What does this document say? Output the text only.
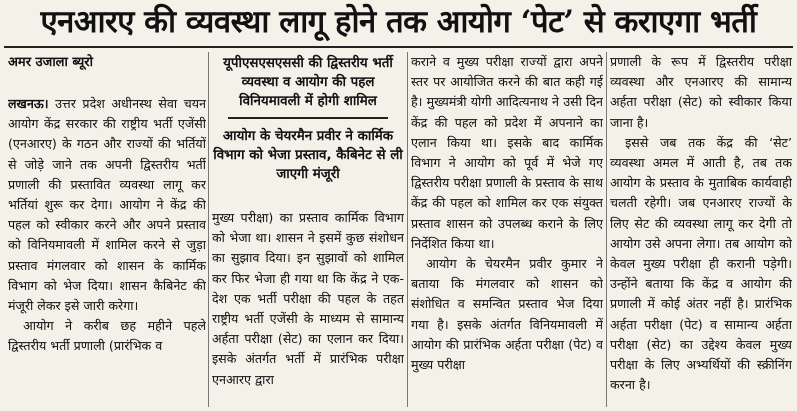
एनआरए की व्यवस्था लागू होने तक आयोग ‘पेट’ से कराएगा भर्ती
अमर उजाला ब्यूरो

लखनऊ। उत्तर प्रदेश अधीनस्थ सेवा चयन आयोग केंद्र सरकार की राष्ट्रीय भर्ती एजेंसी (एनआरए) के गठन और राज्यों की भर्तियों से जोड़े जाने तक अपनी द्विस्तरीय भर्ती प्रणाली की प्रस्तावित व्यवस्था लागू कर भर्तियां शुरू कर देगा। आयोग ने केंद्र की पहल को स्वीकार करने और अपने प्रस्ताव को विनियमावली में शामिल करने से जुड़ा प्रस्ताव मंगलवार को शासन के कार्मिक विभाग को भेज दिया। शासन कैबिनेट की मंजूरी लेकर इसे जारी करेगा।

आयोग ने करीब छह महीने पहले द्विस्तरीय भर्ती प्रणाली (प्रारंभिक व

यूपीएसएसएससी की द्विस्तरीय भर्ती व्यवस्था व आयोग की पहल विनियमावली में होगी शामिल
आयोग के चेयरमैन प्रवीर ने कार्मिक विभाग को भेजा प्रस्ताव, कैबिनेट से ली जाएगी मंजूरी

मुख्य परीक्षा) का प्रस्ताव कार्मिक विभाग को भेजा था। शासन ने इसमें कुछ संशोधन का सुझाव दिया। इन सुझावों को शामिल कर फिर भेजा ही गया था कि केंद्र ने एक-देश एक भर्ती परीक्षा की पहल के तहत राष्ट्रीय भर्ती एजेंसी के माध्यम से सामान्य अर्हता परीक्षा (सेट) का एलान कर दिया। इसके अंतर्गत भर्ती में प्रारंभिक परीक्षा एनआरए द्वारा

कराने व मुख्य परीक्षा राज्यों द्वारा अपने स्तर पर आयोजित करने की बात कही गई है। मुख्यमंत्री योगी आदित्यनाथ ने उसी दिन केंद्र की पहल को प्रदेश में अपनाने का एलान किया था। इसके बाद कार्मिक विभाग ने आयोग को पूर्व में भेजे गए द्विस्तरीय परीक्षा प्रणाली के प्रस्ताव के साथ केंद्र की पहल को शामिल कर एक संयुक्त प्रस्ताव शासन को उपलब्ध कराने के लिए निर्देशित किया था।

आयोग के चेयरमैन प्रवीर कुमार ने बताया कि मंगलवार को शासन को संशोधित व समन्वित प्रस्ताव भेज दिया गया है। इसके अंतर्गत विनियमावली में आयोग की प्रारंभिक अर्हता परीक्षा (पेट) व मुख्य परीक्षा

प्रणाली के रूप में द्विस्तरीय परीक्षा व्यवस्था और एनआरए की सामान्य अर्हता परीक्षा (सेट) को स्वीकार किया जाना है।

इससे जब तक केंद्र की ‘सेट’ व्यवस्था अमल में आती है, तब तक आयोग के प्रस्ताव के मुताबिक कार्यवाही चलती रहेगी। जब एनआरए राज्यों के लिए सेट की व्यवस्था लागू कर देगी तो आयोग उसे अपना लेगा। तब आयोग को केवल मुख्य परीक्षा ही करानी पड़ेगी। उन्होंने बताया कि केंद्र व आयोग की प्रणाली में कोई अंतर नहीं है। प्रारंभिक अर्हता परीक्षा (पेट) व सामान्य अर्हता परीक्षा (सेट) का उद्देश्य केवल मुख्य परीक्षा के लिए अभ्यर्थियों की स्क्रीनिंग करना है।
